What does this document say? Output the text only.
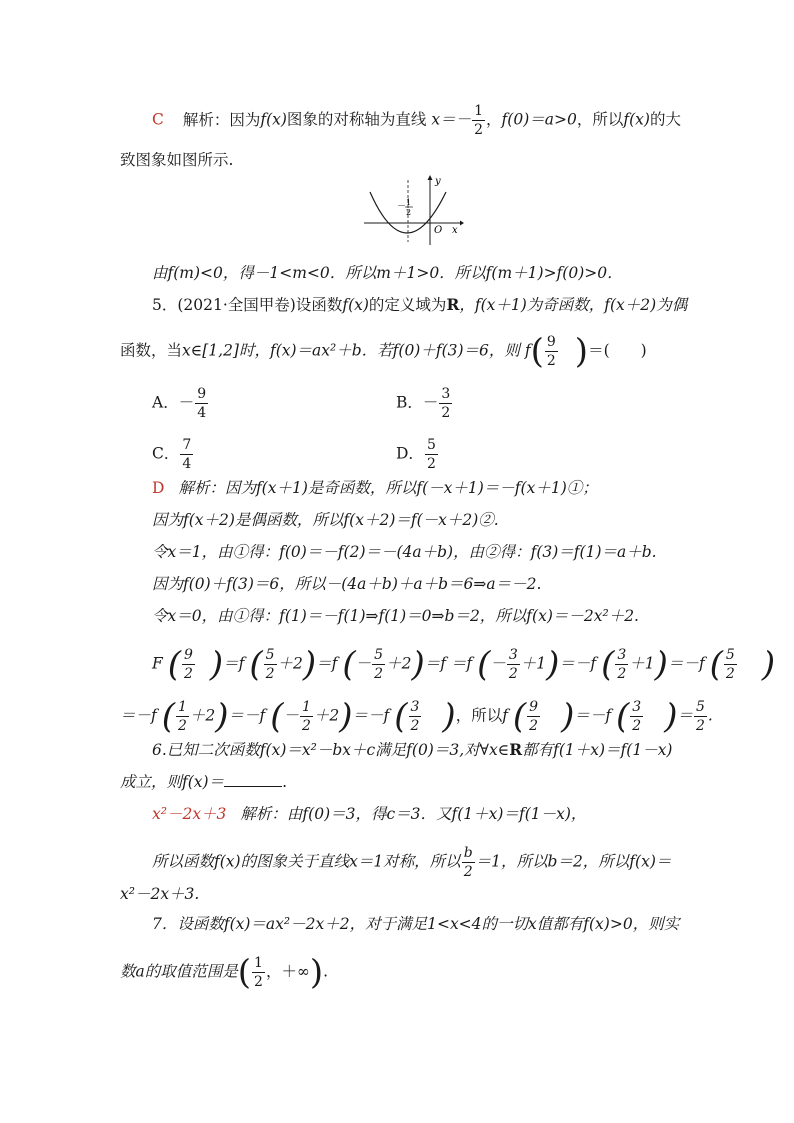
C 解析：因为f(x)图象的对称轴为直线 $x=- \frac{1}{2}$ ，f(0)＝a>0，所以f(x)的大
致图象如图所示.
y
x
O
－ 1
2
由f(m)<0，得－1<m<0．所以m＋1>0．所以f(m＋1)>f(0)>0．
5．(2021·全国甲卷)设函数f(x)的定义域为R，f(x＋1)为奇函数，f(x＋2)为偶
函数，当x∈[1,2]时，f(x)＝ax²＋b．若f(0)＋f(3)＝6，则 $f( \frac{9}{2}$ )＝(　　)
A．－ $\frac{9}{4}$	B．－ $\frac{3}{2}$
C． $\frac{7}{4}$	D． $\frac{5}{2}$
D 解析：因为f(x＋1)是奇函数，所以f(－x＋1)＝－f(x＋1)①；
因为f(x＋2)是偶函数，所以f(x＋2)＝f(－x＋2)②.
令x＝1，由①得：f(0)＝－f(2)＝－(4a＋b)，由②得：f(3)＝f(1)＝a＋b.
因为f(0)＋f(3)＝6，所以－(4a＋b)＋a＋b＝6⇒a＝－2.
令x＝0，由①得：f(1)＝－f(1)⇒f(1)＝0⇒b＝2，所以f(x)＝－2x²＋2.
F ( $\frac{9}{2} )=f$ ( $\frac{5}{2} +2)=f$ (－ $\frac{5}{2} +2)=f =f$ (－ $\frac{3}{2} +1)=-f$ ( $\frac{3}{2} +1)=-f$ ( $\frac{5}{2}$ )
＝－f ( $\frac{1}{2} +2)=-f$ (－ $\frac{1}{2} +2)=-f$ ( $\frac{3}{2}$ )，所以f ( $\frac{9}{2} )=-f$ ( $\frac{3}{2}$ )＝ $\frac{5}{2}$ .
6.已知二次函数f(x)＝x²－bx＋c满足f(0)＝3,对∀x∈R都有f(1＋x)＝f(1－x)
成立，则f(x)＝	.
x²－2x＋3 解析：由f(0)＝3，得c＝3．又f(1＋x)＝f(1－x)，
所以函数f(x)的图象关于直线x＝1对称，所以 $\frac{b}{2} =1$，所以b＝2，所以f(x)＝
x²－2x＋3.
7．设函数f(x)＝ax²－2x＋2，对于满足1<x<4的一切x值都有f(x)>0，则实
数a的取值范围是( $\frac{1}{2}$ ，＋∞).
